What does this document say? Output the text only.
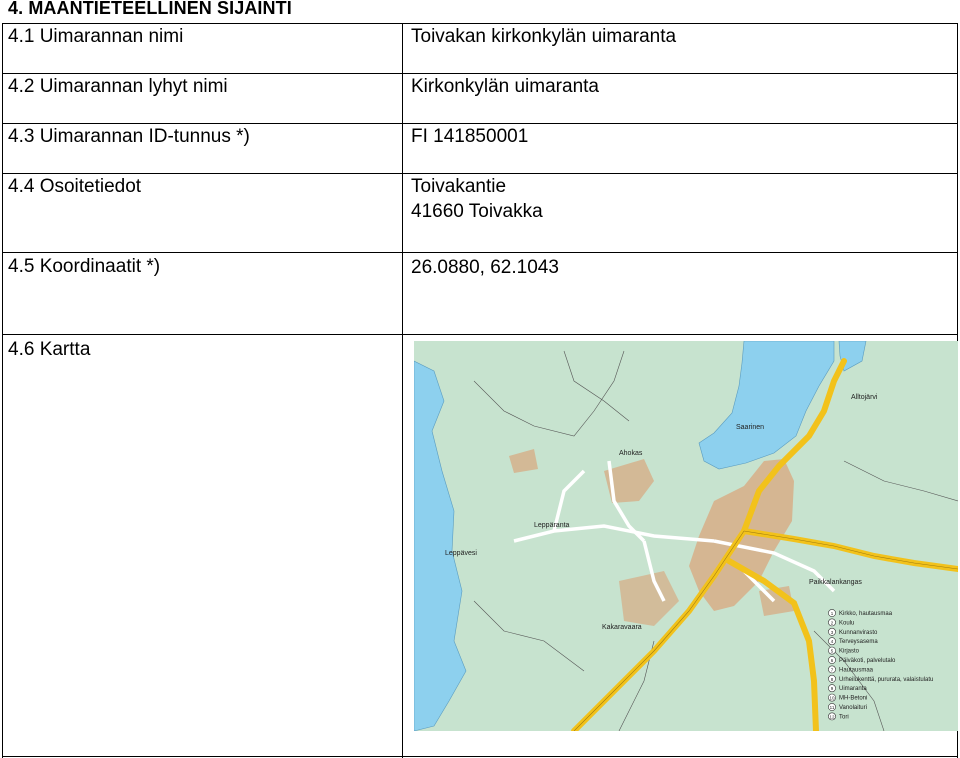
4. MAANTIETEELLINEN SIJAINTI
4.1 Uimarannan nimi	Toivakan kirkonkylän uimaranta
4.2 Uimarannan lyhyt nimi	Kirkonkylän uimaranta
4.3 Uimarannan ID-tunnus *)	FI 141850001
4.4 Osoitetiedot	Toivakantie
41660 Toivakka
4.5 Koordinaatit *)	26.0880, 62.1043
4.6 Kartta
Saarinen
Alltojärvi
Ahokas
Leppäranta
Leppävesi
Paikkalankangas
Kakaravaara
1 Kirkko, hautausmaa
2 Koulu
3 Kunnanvirasto
4 Terveysasema
5 Kirjasto
6 Päiväkoti, palvelutalo
7 Hautausmaa
8 Urheilukenttä, pururata, valaistulatu
9 Uimaranta
10 MH-Betoni
11 Vanolaituri
12 Tori
